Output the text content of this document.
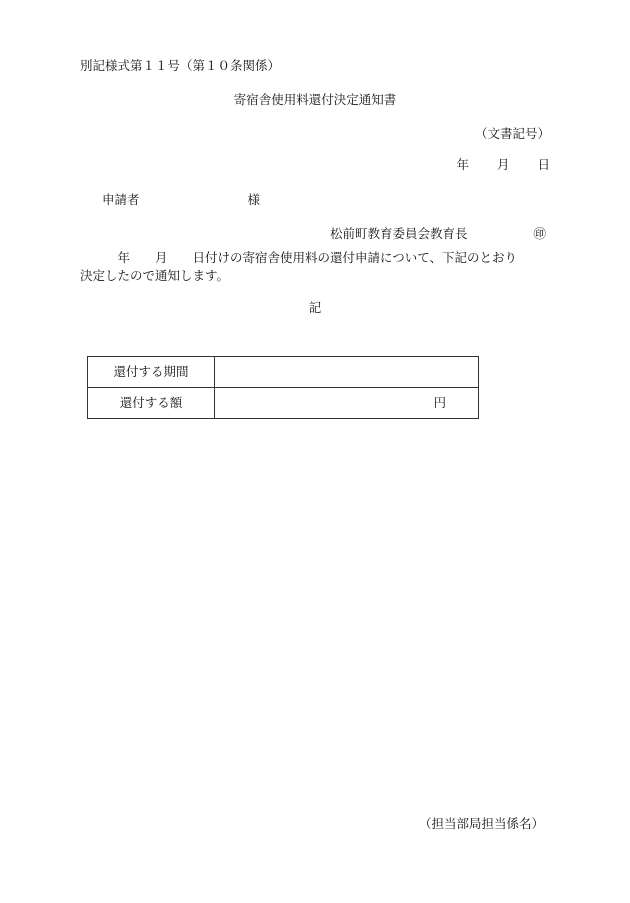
別記様式第１１号（第１０条関係）
寄宿舎使用料還付決定通知書
（文書記号）

年 月 日

申請者	様

松前町教育委員会教育長	㊞

　　　年　　月　　日付けの寄宿舎使用料の還付申請について、下記のとおり

決定したので通知します。

記
還付する期間	
還付する額	円
（担当部局担当係名）
